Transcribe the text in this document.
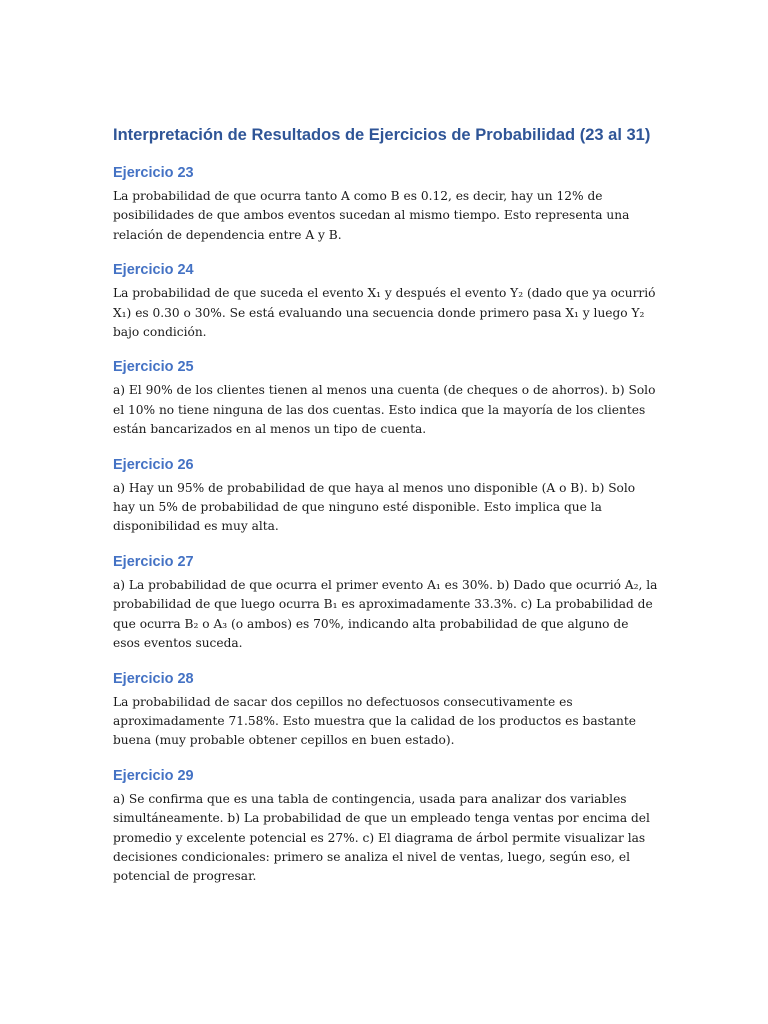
Interpretación de Resultados de Ejercicios de Probabilidad (23 al 31)
Ejercicio 23

La probabilidad de que ocurra tanto A como B es 0.12, es decir, hay un 12% de posibilidades de que ambos eventos sucedan al mismo tiempo. Esto representa una relación de dependencia entre A y B.

Ejercicio 24

La probabilidad de que suceda el evento X₁ y después el evento Y₂ (dado que ya ocurrió X₁) es 0.30 o 30%. Se está evaluando una secuencia donde primero pasa X₁ y luego Y₂ bajo condición.

Ejercicio 25

a) El 90% de los clientes tienen al menos una cuenta (de cheques o de ahorros). b) Solo el 10% no tiene ninguna de las dos cuentas. Esto indica que la mayoría de los clientes están bancarizados en al menos un tipo de cuenta.

Ejercicio 26

a) Hay un 95% de probabilidad de que haya al menos uno disponible (A o B). b) Solo hay un 5% de probabilidad de que ninguno esté disponible. Esto implica que la disponibilidad es muy alta.

Ejercicio 27

a) La probabilidad de que ocurra el primer evento A₁ es 30%. b) Dado que ocurrió A₂, la probabilidad de que luego ocurra B₁ es aproximadamente 33.3%. c) La probabilidad de que ocurra B₂ o A₃ (o ambos) es 70%, indicando alta probabilidad de que alguno de esos eventos suceda.

Ejercicio 28

La probabilidad de sacar dos cepillos no defectuosos consecutivamente es aproximadamente 71.58%. Esto muestra que la calidad de los productos es bastante buena (muy probable obtener cepillos en buen estado).

Ejercicio 29

a) Se confirma que es una tabla de contingencia, usada para analizar dos variables simultáneamente. b) La probabilidad de que un empleado tenga ventas por encima del promedio y excelente potencial es 27%. c) El diagrama de árbol permite visualizar las decisiones condicionales: primero se analiza el nivel de ventas, luego, según eso, el potencial de progresar.
